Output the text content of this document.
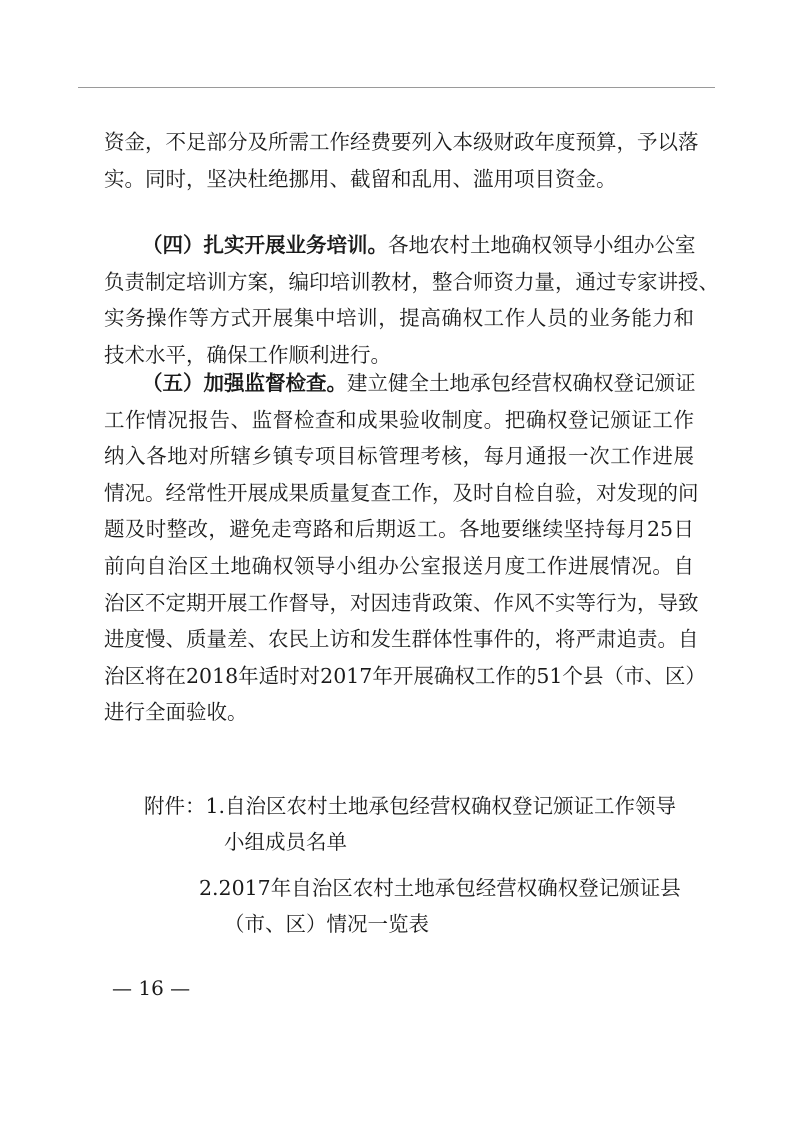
资金，不足部分及所需工作经费要列入本级财政年度预算，予以落
实。同时，坚决杜绝挪用、截留和乱用、滥用项目资金。
（四）扎实开展业务培训。各地农村土地确权领导小组办公室
负责制定培训方案，编印培训教材，整合师资力量，通过专家讲授、
实务操作等方式开展集中培训，提高确权工作人员的业务能力和
技术水平，确保工作顺利进行。
（五）加强监督检查。建立健全土地承包经营权确权登记颁证
工作情况报告、监督检查和成果验收制度。把确权登记颁证工作
纳入各地对所辖乡镇专项目标管理考核，每月通报一次工作进展
情况。经常性开展成果质量复查工作，及时自检自验，对发现的问
题及时整改，避免走弯路和后期返工。各地要继续坚持每月25日
前向自治区土地确权领导小组办公室报送月度工作进展情况。自
治区不定期开展工作督导，对因违背政策、作风不实等行为，导致
进度慢、质量差、农民上访和发生群体性事件的，将严肃追责。自
治区将在2018年适时对2017年开展确权工作的51个县（市、区）
进行全面验收。
附件：1.自治区农村土地承包经营权确权登记颁证工作领导
小组成员名单
2.2017年自治区农村土地承包经营权确权登记颁证县
（市、区）情况一览表
— 16 —
